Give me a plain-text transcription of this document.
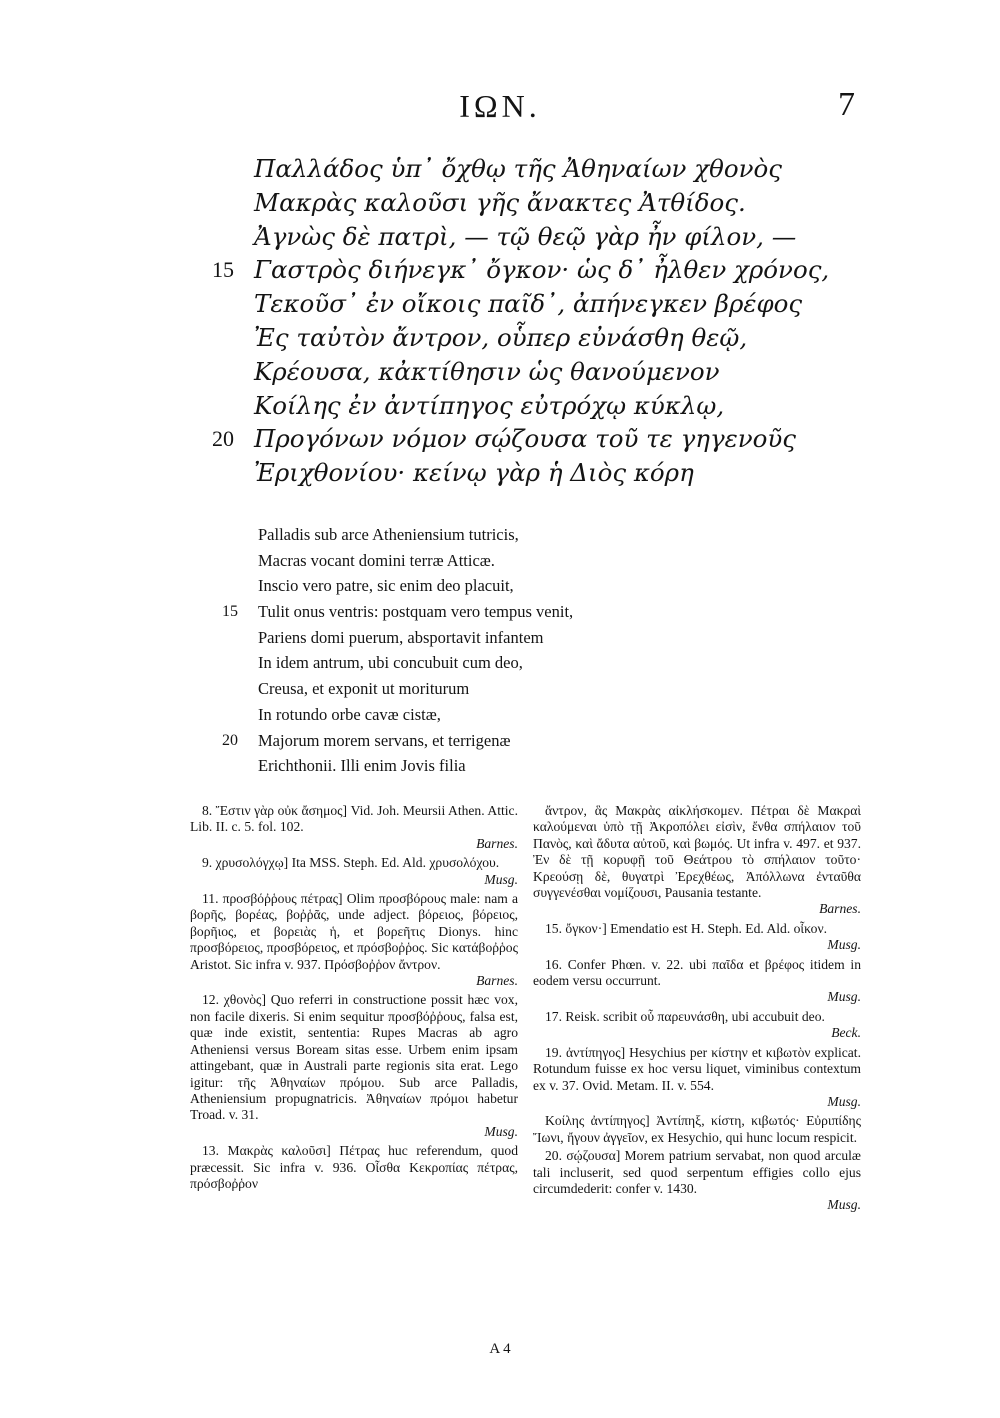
ΙΩΝ.	7
Παλλάδος ὑπ᾿ ὄχθῳ τῆς Ἀθηναίων χθονὸς
Μακρὰς καλοῦσι γῆς ἄνακτες Ἀτθίδος.
Ἀγνὼς δὲ πατρὶ, — τῷ θεῷ γὰρ ἦν φίλον, —
15 Γαστρὸς διήνεγκ᾿ ὄγκον· ὡς δ᾿ ἦλθεν χρόνος,
Τεκοῦσ᾿ ἐν οἴκοις παῖδ᾿, ἀπήνεγκεν βρέφος
Ἐς ταὐτὸν ἄντρον, οὗπερ εὐνάσθη θεῷ,
Κρέουσα, κἀκτίθησιν ὡς θανούμενον
Κοίλης ἐν ἀντίπηγος εὐτρόχῳ κύκλῳ,
20 Προγόνων νόμον σῴζουσα τοῦ τε γηγενοῦς
Ἐριχθονίου· κείνῳ γὰρ ἡ Διὸς κόρη
Palladis sub arce Atheniensium tutricis,
Macras vocant domini terræ Atticæ.
Inscio vero patre, sic enim deo placuit,
15 Tulit onus ventris: postquam vero tempus venit,
Pariens domi puerum, absportavit infantem
In idem antrum, ubi concubuit cum deo,
Creusa, et exponit ut moriturum
In rotundo orbe cavæ cistæ,
20 Majorum morem servans, et terrigenæ
Erichthonii. Illi enim Jovis filia

8. Ἔστιν γὰρ οὐκ ἄσημος] Vid. Joh. Meursii Athen. Attic. Lib. II. c. 5. fol. 102.
Barnes.

9. χρυσολόγχῳ] Ita MSS. Steph. Ed. Ald. χρυσολόχου.
Musg.

11. προσβόῤῥους πέτρας] Olim προσβόρους male: nam a βορῆς, βορέας, βοῤῥᾶς, unde adject. βόρειος, βόρειος, βορῆιος, et βορειὰς ἡ, et βορεῆτις Dionys. hinc προσβόρειος, προσβόρειος, et πρόσβοῤῥος. Sic κατάβοῤῥος Aristot. Sic infra v. 937. Πρόσβοῤῥον ἄντρον.
Barnes.

12. χθονὸς] Quo referri in constructione possit hæc vox, non facile dixeris. Si enim sequitur προσβόῤῥους, falsa est, quæ inde existit, sententia: Rupes Macras ab agro Atheniensi versus Boream sitas esse. Urbem enim ipsam attingebant, quæ in Australi parte regionis sita erat. Lego igitur: τῆς Ἀθηναίων πρόμου. Sub arce Palladis, Atheniensium propugnatricis. Ἀθηναίων πρόμοι habetur Troad. v. 31.
Musg.

13. Μακρὰς καλοῦσι] Πέτρας huc referendum, quod præcessit. Sic infra v. 936. Οἶσθα Κεκροπίας πέτρας, πρόσβοῤῥον

ἄντρον, ἃς Μακρὰς αἰκλήσκομεν. Πέτραι δὲ Μακραὶ καλούμεναι ὑπὸ τῇ Ἀκροπόλει εἰσὶν, ἔνθα σπήλαιον τοῦ Πανὸς, καὶ ἄδυτα αὐτοῦ, καὶ βωμός. Ut infra v. 497. et 937. Ἐν δὲ τῇ κορυφῇ τοῦ Θεάτρου τὸ σπήλαιον τοῦτο· Κρεούσῃ δὲ, θυγατρὶ Ἐρεχθέως, Ἀπόλλωνα ἐνταῦθα συγγενέσθαι νομίζουσι, Pausania testante.
Barnes.

15. ὄγκον·] Emendatio est H. Steph. Ed. Ald. οἶκον.
Musg.

16. Confer Phœn. v. 22. ubi παῖδα et βρέφος itidem in eodem versu occurrunt.
Musg.

17. Reisk. scribit οὗ παρευνάσθη, ubi accubuit deo.
Beck.

19. ἀντίπηγος] Hesychius per κίστην et κιβωτὸν explicat. Rotundum fuisse ex hoc versu liquet, viminibus contextum ex v. 37. Ovid. Metam. II. v. 554.
Musg.

Κοίλης ἀντίπηγος] Ἀντίπηξ, κίστη, κιβωτός· Εὐριπίδης Ἴωνι, ἤγουν ἀγγεῖον, ex Hesychio, qui hunc locum respicit.

20. σῴζουσα] Morem patrium servabat, non quod arculæ tali incluserit, sed quod serpentum effigies collo ejus circumdederit: confer v. 1430.
Musg.

A 4
